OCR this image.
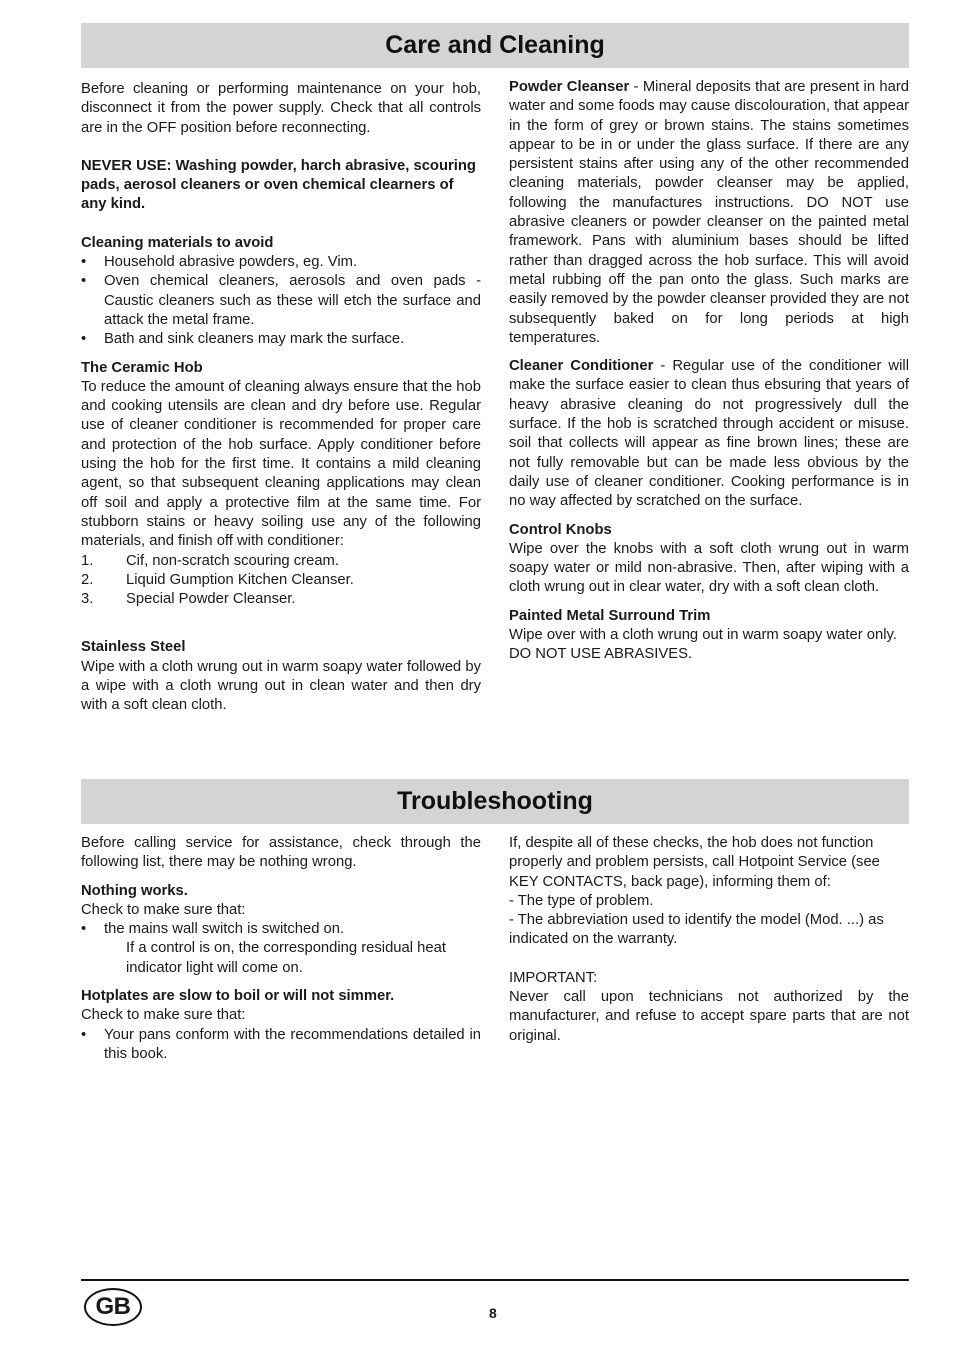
Care and Cleaning

Before cleaning or performing maintenance on your hob, disconnect it from the power supply. Check that all controls are in the OFF position before reconnecting.

NEVER USE: Washing powder, harch abrasive, scouring pads, aerosol cleaners or oven chemical clearners of any kind.

Cleaning materials to avoid

• Household abrasive powders, eg. Vim.
• Oven chemical cleaners, aerosols and oven pads - Caustic cleaners such as these will etch the surface and attack the metal frame.
• Bath and sink cleaners may mark the surface.

The Ceramic Hob

To reduce the amount of cleaning always ensure that the hob and cooking utensils are clean and dry before use. Regular use of cleaner conditioner is recommended for proper care and protection of the hob surface. Apply conditioner before using the hob for the first time. It contains a mild cleaning agent, so that subsequent cleaning applications may clean off soil and apply a protective film at the same time. For stubborn stains or heavy soiling use any of the following materials, and finish off with conditioner:

1. Cif, non-scratch scouring cream.
2. Liquid Gumption Kitchen Cleanser.
3. Special Powder Cleanser.

Stainless Steel

Wipe with a cloth wrung out in warm soapy water followed by a wipe with a cloth wrung out in clean water and then dry with a soft clean cloth.

Powder Cleanser - Mineral deposits that are present in hard water and some foods may cause discolouration, that appear in the form of grey or brown stains. The stains sometimes appear to be in or under the glass surface. If there are any persistent stains after using any of the other recommended cleaning materials, powder cleanser may be applied, following the manufactures instructions. DO NOT use abrasive cleaners or powder cleanser on the painted metal framework. Pans with aluminium bases should be lifted rather than dragged across the hob surface. This will avoid metal rubbing off the pan onto the glass. Such marks are easily removed by the powder cleanser provided they are not subsequently baked on for long periods at high temperatures.

Cleaner Conditioner - Regular use of the conditioner will make the surface easier to clean thus ebsuring that years of heavy abrasive cleaning do not progressively dull the surface. If the hob is scratched through accident or misuse. soil that collects will appear as fine brown lines; these are not fully removable but can be made less obvious by the daily use of cleaner conditioner. Cooking performance is in no way affected by scratched on the surface.

Control Knobs

Wipe over the knobs with a soft cloth wrung out in warm soapy water or mild non-abrasive. Then, after wiping with a cloth wrung out in clear water, dry with a soft clean cloth.

Painted Metal Surround Trim

Wipe over with a cloth wrung out in warm soapy water only. DO NOT USE ABRASIVES.

Troubleshooting

Before calling service for assistance, check through the following list, there may be nothing wrong.

Nothing works.

Check to make sure that:

• the mains wall switch is switched on.

If a control is on, the corresponding residual heat indicator light will come on.

Hotplates are slow to boil or will not simmer.

Check to make sure that:

• Your pans conform with the recommendations detailed in this book.

If, despite all of these checks, the hob does not function properly and problem persists, call Hotpoint Service (see KEY CONTACTS, back page), informing them of:

- The type of problem.

- The abbreviation used to identify the model (Mod. ...) as indicated on the warranty.

IMPORTANT:

Never call upon technicians not authorized by the manufacturer, and refuse to accept spare parts that are not original.

GB	8
